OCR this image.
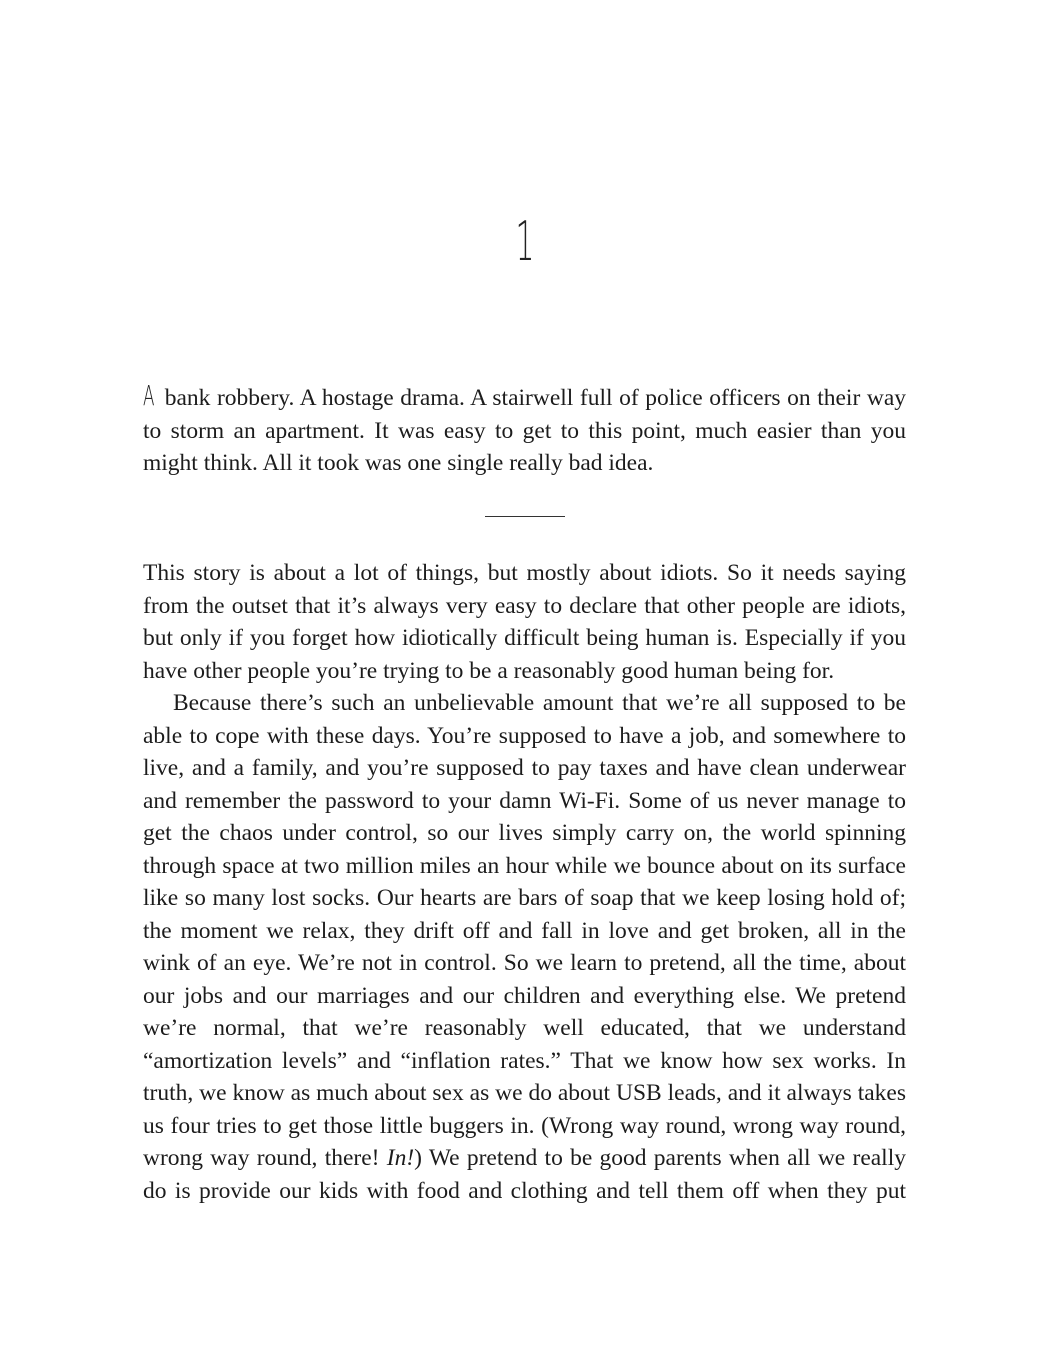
1

A bank robbery. A hostage drama. A stairwell full of police officers on their way to storm an apartment. It was easy to get to this point, much easier than you might think. All it took was one single really bad idea.

This story is about a lot of things, but mostly about idiots. So it needs saying from the outset that it’s always very easy to declare that other people are idiots, but only if you forget how idiotically difficult being human is. Especially if you have other people you’re trying to be a reasonably good human being for.

Because there’s such an unbelievable amount that we’re all supposed to be able to cope with these days. You’re supposed to have a job, and somewhere to live, and a family, and you’re supposed to pay taxes and have clean underwear and remember the password to your damn Wi-Fi. Some of us never manage to get the chaos under control, so our lives simply carry on, the world spinning through space at two million miles an hour while we bounce about on its surface like so many lost socks. Our hearts are bars of soap that we keep losing hold of; the moment we relax, they drift off and fall in love and get broken, all in the wink of an eye. We’re not in control. So we learn to pretend, all the time, about our jobs and our marriages and our children and everything else. We pretend we’re normal, that we’re reasonably well educated, that we understand “amortization levels” and “inflation rates.” That we know how sex works. In truth, we know as much about sex as we do about USB leads, and it always takes us four tries to get those little buggers in. (Wrong way round, wrong way round, wrong way round, there! In!) We pretend to be good parents when all we really do is provide our kids with food and clothing and tell them off when they put
